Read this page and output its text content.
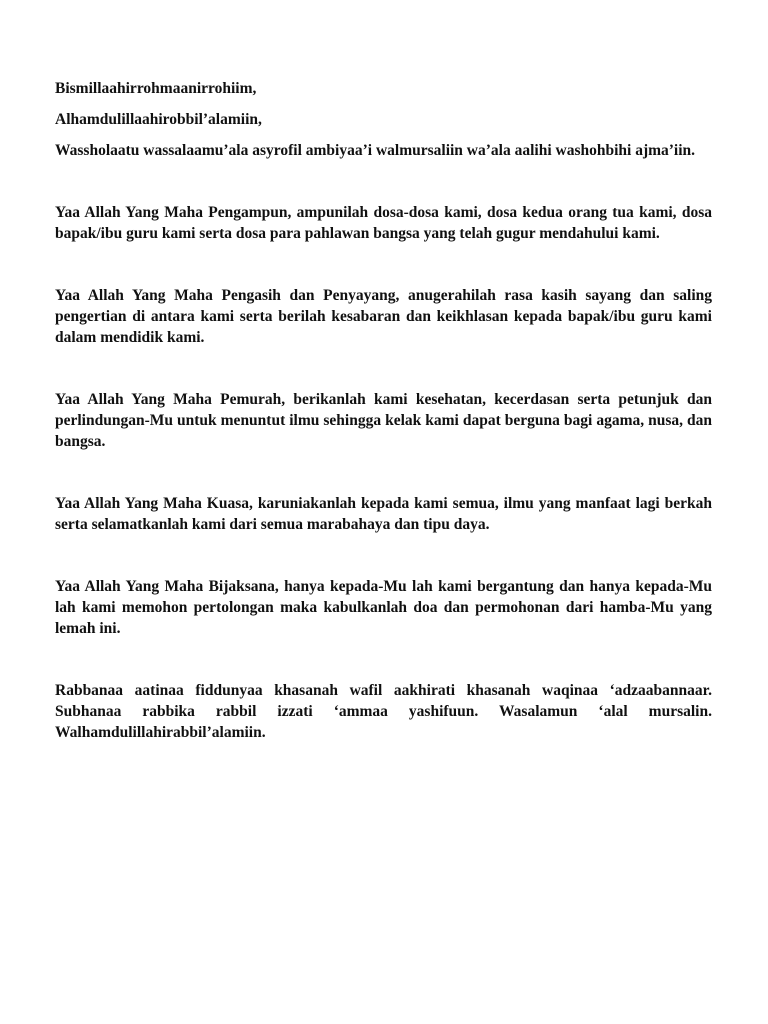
Bismillaahirrohmaanirrohiim,

Alhamdulillaahirobbil’alamiin,

Wassholaatu wassalaamu’ala asyrofil ambiyaa’i walmursaliin wa’ala aalihi washohbihi ajma’iin.

Yaa Allah Yang Maha Pengampun, ampunilah dosa-dosa kami, dosa kedua orang tua kami, dosa bapak/ibu guru kami serta dosa para pahlawan bangsa yang telah gugur mendahului kami.

Yaa Allah Yang Maha Pengasih dan Penyayang, anugerahilah rasa kasih sayang dan saling pengertian di antara kami serta berilah kesabaran dan keikhlasan kepada bapak/ibu guru kami dalam mendidik kami.

Yaa Allah Yang Maha Pemurah, berikanlah kami kesehatan, kecerdasan serta petunjuk dan perlindungan-Mu untuk menuntut ilmu sehingga kelak kami dapat berguna bagi agama, nusa, dan bangsa.

Yaa Allah Yang Maha Kuasa, karuniakanlah kepada kami semua, ilmu yang manfaat lagi berkah serta selamatkanlah kami dari semua marabahaya dan tipu daya.

Yaa Allah Yang Maha Bijaksana, hanya kepada-Mu lah kami bergantung dan hanya kepada-Mu lah kami memohon pertolongan maka kabulkanlah doa dan permohonan dari hamba-Mu yang lemah ini.

Rabbanaa aatinaa fiddunyaa khasanah wafil aakhirati khasanah waqinaa ‘adzaabannaar. Subhanaa rabbika rabbil izzati ‘ammaa yashifuun. Wasalamun ‘alal mursalin. Walhamdulillahirabbil’alamiin.
